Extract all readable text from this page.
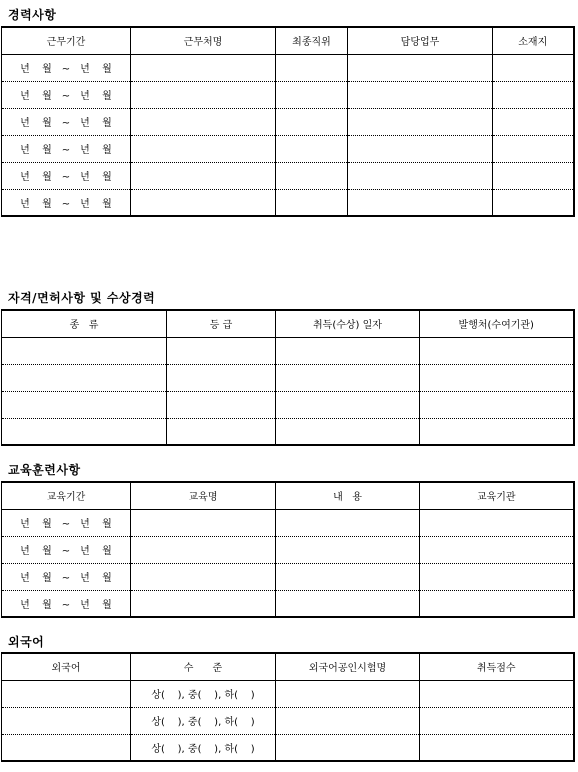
경력사항
근무기간	근무처명	최종직위	담당업무	소재지
년 월 ~ 년 월				
년 월 ~ 년 월				
년 월 ~ 년 월				
년 월 ~ 년 월				
년 월 ~ 년 월				
년 월 ~ 년 월				
자격/면허사항 및 수상경력
종   류	등 급	취득(수상) 일자	발행처(수여기관)

교육훈련사항
교육기간	교육명	내   용	교육기관
년 월 ~ 년 월			
년 월 ~ 년 월			
년 월 ~ 년 월			
년 월 ~ 년 월			
외국어
외국어	수      준	외국어공인시험명	취득점수
	상(    ), 중(    ), 하(    )		
	상(    ), 중(    ), 하(    )		
	상(    ), 중(    ), 하(    )		
